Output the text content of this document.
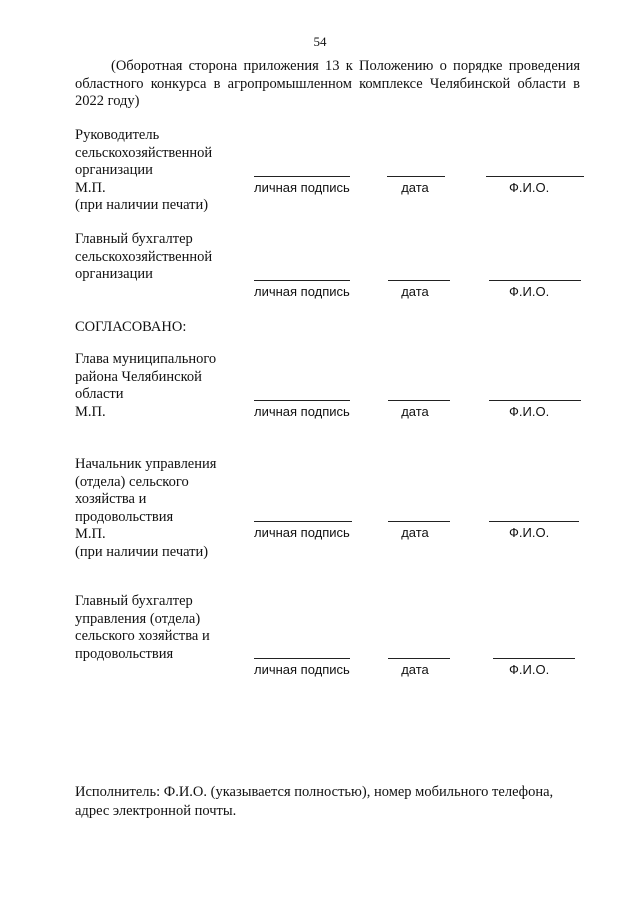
54
(Оборотная сторона приложения 13 к Положению о порядке проведения областного конкурса в агропромышленном комплексе Челябинской области в 2022 году)
Руководитель
сельскохозяйственной
организации
М.П.
(при наличии печати)
личная подпись	дата	Ф.И.О.
Главный бухгалтер
сельскохозяйственной
организации
личная подпись	дата	Ф.И.О.
СОГЛАСОВАНО:
Глава муниципального
района Челябинской
области
М.П.	личная подпись	дата	Ф.И.О.
Начальник управления
(отдела) сельского
хозяйства и
продовольствия
М.П.
(при наличии печати)
личная подпись	дата	Ф.И.О.
Главный бухгалтер
управления (отдела)
сельского хозяйства и
продовольствия
личная подпись	дата	Ф.И.О.
Исполнитель: Ф.И.О. (указывается полностью), номер мобильного телефона, адрес электронной почты.
